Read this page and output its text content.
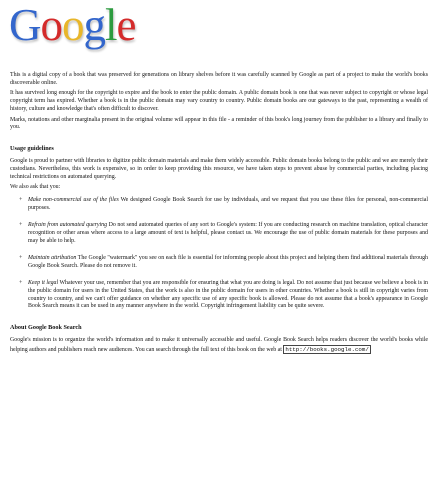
Google

This is a digital copy of a book that was preserved for generations on library shelves before it was carefully scanned by Google as part of a project to make the world's books discoverable online.

It has survived long enough for the copyright to expire and the book to enter the public domain. A public domain book is one that was never subject to copyright or whose legal copyright term has expired. Whether a book is in the public domain may vary country to country. Public domain books are our gateways to the past, representing a wealth of history, culture and knowledge that's often difficult to discover.

Marks, notations and other marginalia present in the original volume will appear in this file - a reminder of this book's long journey from the publisher to a library and finally to you.

Usage guidelines

Google is proud to partner with libraries to digitize public domain materials and make them widely accessible. Public domain books belong to the public and we are merely their custodians. Nevertheless, this work is expensive, so in order to keep providing this resource, we have taken steps to prevent abuse by commercial parties, including placing technical restrictions on automated querying.

We also ask that you:

+ Make non-commercial use of the files We designed Google Book Search for use by individuals, and we request that you use these files for personal, non-commercial purposes.
+ Refrain from automated querying Do not send automated queries of any sort to Google's system: If you are conducting research on machine translation, optical character recognition or other areas where access to a large amount of text is helpful, please contact us. We encourage the use of public domain materials for these purposes and may be able to help.
+ Maintain attribution The Google "watermark" you see on each file is essential for informing people about this project and helping them find additional materials through Google Book Search. Please do not remove it.
+ Keep it legal Whatever your use, remember that you are responsible for ensuring that what you are doing is legal. Do not assume that just because we believe a book is in the public domain for users in the United States, that the work is also in the public domain for users in other countries. Whether a book is still in copyright varies from country to country, and we can't offer guidance on whether any specific use of any specific book is allowed. Please do not assume that a book's appearance in Google Book Search means it can be used in any manner anywhere in the world. Copyright infringement liability can be quite severe.
About Google Book Search

Google's mission is to organize the world's information and to make it universally accessible and useful. Google Book Search helps readers discover the world's books while helping authors and publishers reach new audiences. You can search through the full text of this book on the web at http://books.google.com/
